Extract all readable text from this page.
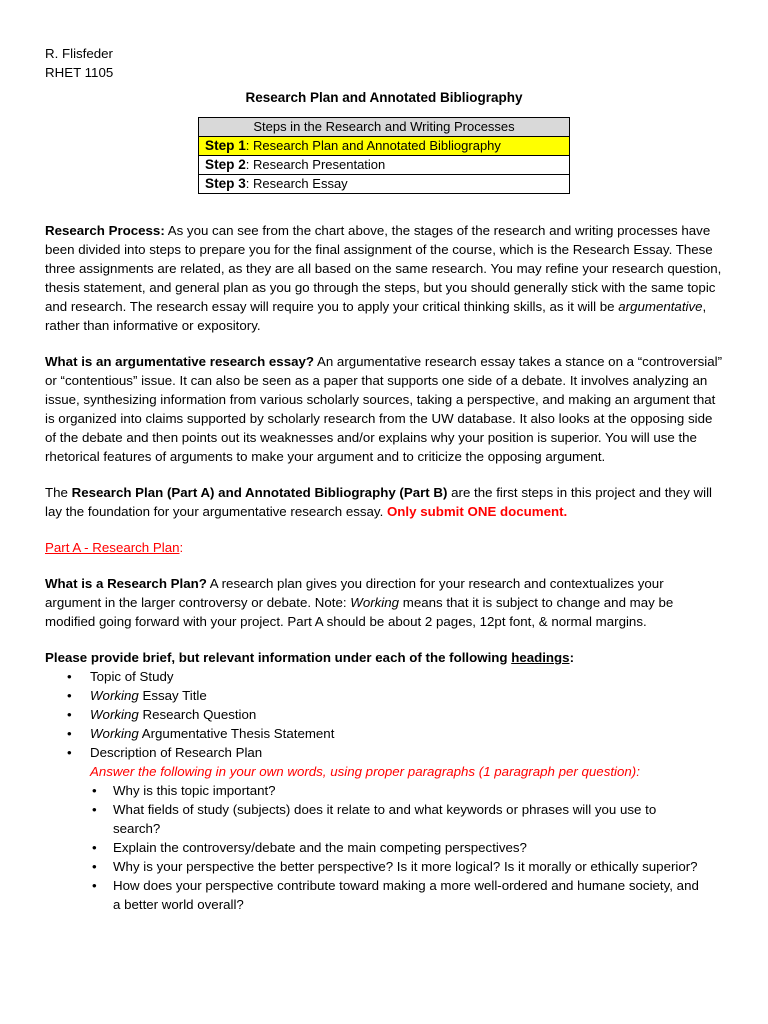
R. Flisfeder

RHET 1105

Research Plan and Annotated Bibliography

Steps in the Research and Writing Processes
Step 1: Research Plan and Annotated Bibliography
Step 2: Research Presentation
Step 3: Research Essay

Research Process: As you can see from the chart above, the stages of the research and writing processes have been divided into steps to prepare you for the final assignment of the course, which is the Research Essay. These three assignments are related, as they are all based on the same research. You may refine your research question, thesis statement, and general plan as you go through the steps, but you should generally stick with the same topic and research. The research essay will require you to apply your critical thinking skills, as it will be argumentative, rather than informative or expository.

What is an argumentative research essay? An argumentative research essay takes a stance on a “controversial” or “contentious” issue. It can also be seen as a paper that supports one side of a debate. It involves analyzing an issue, synthesizing information from various scholarly sources, taking a perspective, and making an argument that is organized into claims supported by scholarly research from the UW database. It also looks at the opposing side of the debate and then points out its weaknesses and/or explains why your position is superior. You will use the rhetorical features of arguments to make your argument and to criticize the opposing argument.

The Research Plan (Part A) and Annotated Bibliography (Part B) are the first steps in this project and they will lay the foundation for your argumentative research essay. Only submit ONE document.

Part A - Research Plan:

What is a Research Plan? A research plan gives you direction for your research and contextualizes your argument in the larger controversy or debate. Note: Working means that it is subject to change and may be modified going forward with your project. Part A should be about 2 pages, 12pt font, & normal margins.

Please provide brief, but relevant information under each of the following headings:

• Topic of Study
• Working Essay Title
• Working Research Question
• Working Argumentative Thesis Statement
• Description of Research Plan

Answer the following in your own words, using proper paragraphs (1 paragraph per question):

• Why is this topic important?
• What fields of study (subjects) does it relate to and what keywords or phrases will you use to search?
• Explain the controversy/debate and the main competing perspectives?
• Why is your perspective the better perspective? Is it more logical? Is it morally or ethically superior?
• How does your perspective contribute toward making a more well-ordered and humane society, and a better world overall?
